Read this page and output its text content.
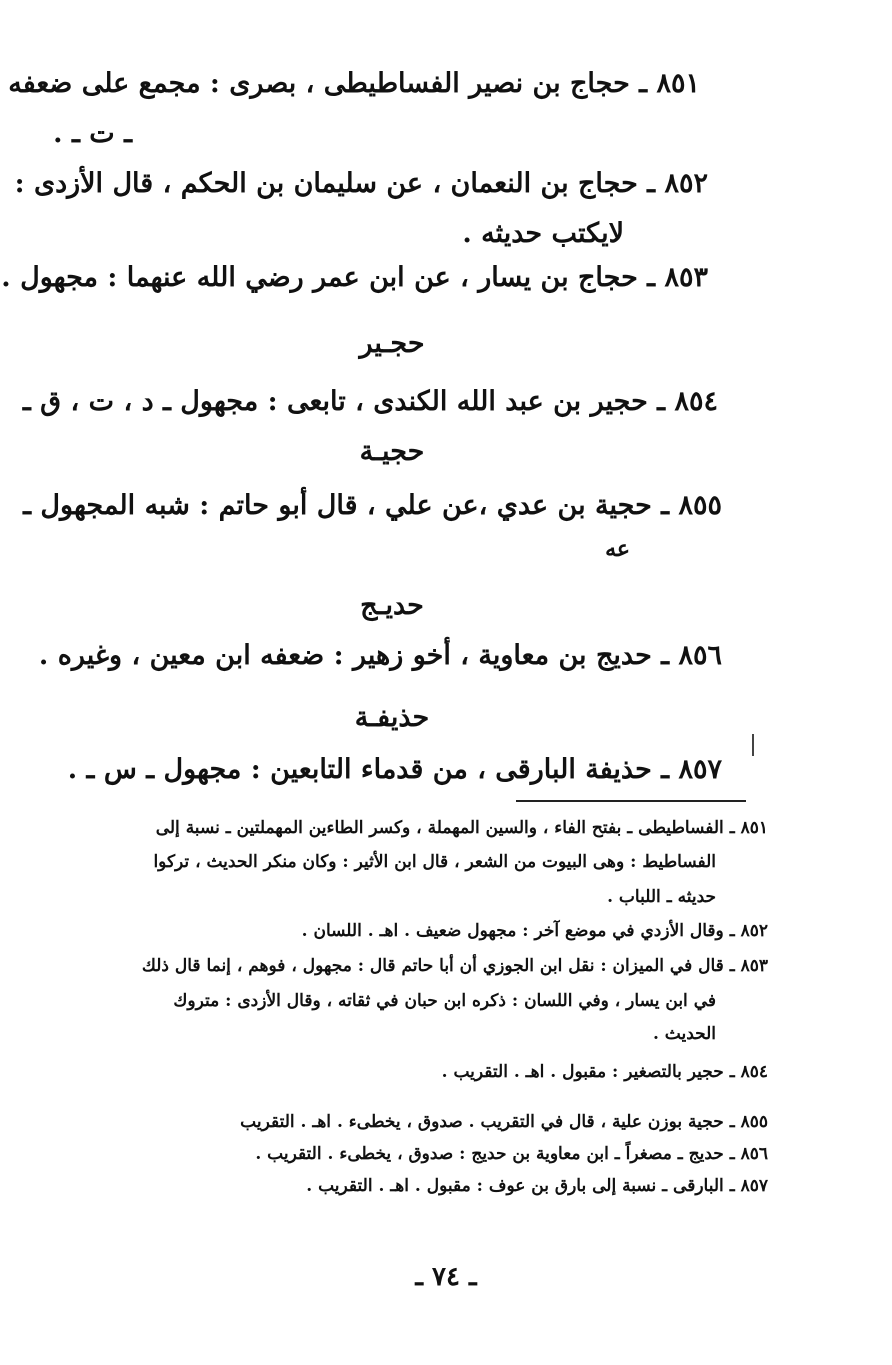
٨٥١ ـ حجاج بن نصير الفساطيطى ، بصرى : مجمع على ضعفه
ـ ت ـ .
٨٥٢ ـ حجاج بن النعمان ، عن سليمان بن الحكم ، قال الأزدى :
لايكتب حديثه .
٨٥٣ ـ حجاج بن يسار ، عن ابن عمر رضي الله عنهما : مجهول .
حجـير
٨٥٤ ـ حجير بن عبد الله الكندى ، تابعى : مجهول ـ د ، ت ، ق ـ
حجيـة
٨٥٥ ـ حجية بن عدي ،عن علي ، قال أبو حاتم : شبه المجهول ـ
عه
حديـج
٨٥٦ ـ حديج بن معاوية ، أخو زهير : ضعفه ابن معين ، وغيره .
حذيفـة
٨٥٧ ـ حذيفة البارقى ، من قدماء التابعين : مجهول ـ س ـ .
٨٥١ ـ الفساطيطى ـ بفتح الفاء ، والسين المهملة ، وكسر الطاءين المهملتين ـ نسبة إلى
الفساطيط : وهى البيوت من الشعر ، قال ابن الأثير : وكان منكر الحديث ، تركوا
حديثه ـ اللباب .
٨٥٢ ـ وقال الأزدي في موضع آخر : مجهول ضعيف . اهـ . اللسان .
٨٥٣ ـ قال في الميزان : نقل ابن الجوزي أن أبا حاتم قال : مجهول ، فوهم ، إنما قال ذلك
في ابن يسار ، وفي اللسان : ذكره ابن حبان في ثقاته ، وقال الأزدى : متروك
الحديث .
٨٥٤ ـ حجير بالتصغير : مقبول . اهـ . التقريب .
٨٥٥ ـ حجية بوزن علية ، قال في التقريب . صدوق ، يخطىء . اهـ . التقريب
٨٥٦ ـ حديج ـ مصغراً ـ ابن معاوية بن حديج : صدوق ، يخطىء . التقريب .
٨٥٧ ـ البارقى ـ نسبة إلى بارق بن عوف : مقبول . اهـ . التقريب .
ـ ٧٤ ـ
